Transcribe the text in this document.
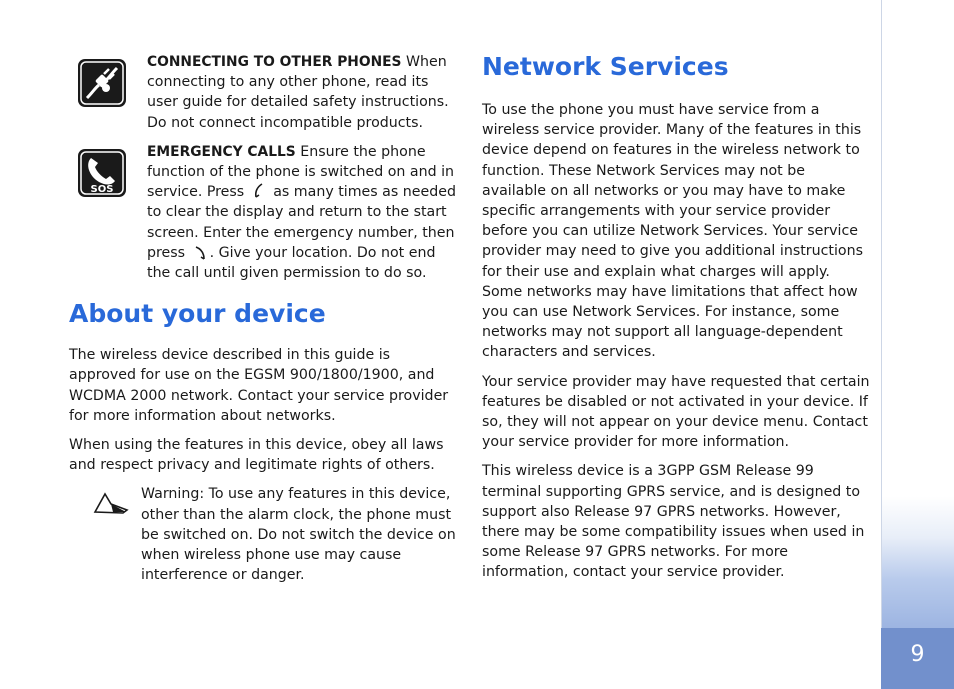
9
CONNECTING TO OTHER PHONES When connecting to any other phone, read its user guide for detailed safety instructions. Do not connect incompatible products.
SOS
EMERGENCY CALLS Ensure the phone function of the phone is switched on and in service. Press  as many times as needed to clear the display and return to the start screen. Enter the emergency number, then press . Give your location. Do not end the call until given permission to do so.
About your device

The wireless device described in this guide is approved for use on the EGSM 900/1800/1900, and WCDMA 2000 network. Contact your service provider for more information about networks.

When using the features in this device, obey all laws and respect privacy and legitimate rights of others.

Warning: To use any features in this device, other than the alarm clock, the phone must be switched on. Do not switch the device on when wireless phone use may cause interference or danger.
Network Services

To use the phone you must have service from a wireless service provider. Many of the features in this device depend on features in the wireless network to function. These Network Services may not be available on all networks or you may have to make specific arrangements with your service provider before you can utilize Network Services. Your service provider may need to give you additional instructions for their use and explain what charges will apply. Some networks may have limitations that affect how you can use Network Services. For instance, some networks may not support all language-dependent characters and services.

Your service provider may have requested that certain features be disabled or not activated in your device. If so, they will not appear on your device menu. Contact your service provider for more information.

This wireless device is a 3GPP GSM Release 99 terminal supporting GPRS service, and is designed to support also Release 97 GPRS networks. However, there may be some compatibility issues when used in some Release 97 GPRS networks. For more information, contact your service provider.
